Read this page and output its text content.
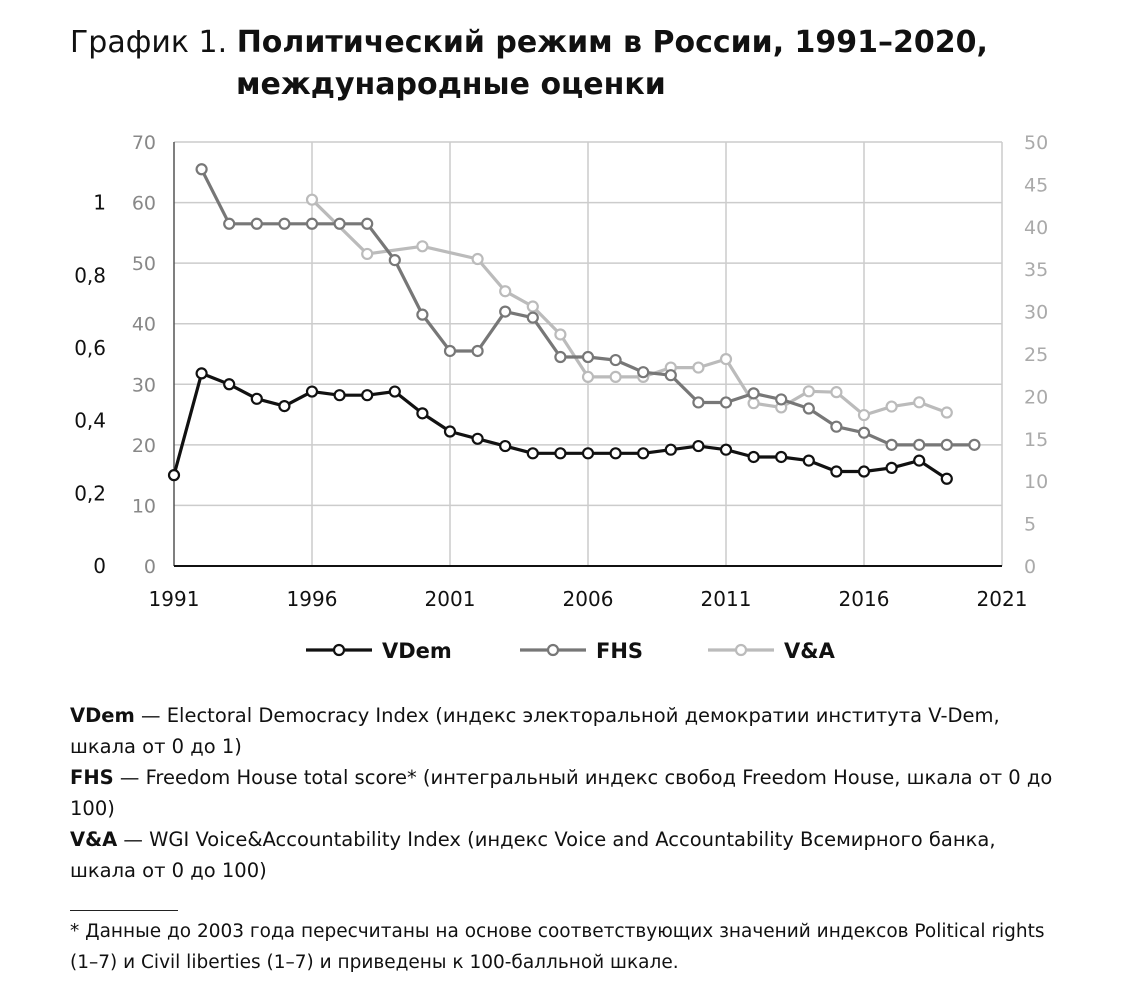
График 1. Политический режим в России, 1991–2020,
международные оценки
0
10
20
30
40
50
60
70
0
0,2
0,4
0,6
0,8
1
0
5
10
15
20
25
30
35
40
45
50
1991	1996	2001	2006	2011	2016	2021
VDem	FHS	V&A

VDem — Electoral Democracy Index (индекс электоральной демократии института V-Dem, шкала от 0 до 1)

FHS — Freedom House total score* (интегральный индекс свобод Freedom House, шкала от 0 до 100)

V&A — WGI Voice&Accountability Index (индекс Voice and Accountability Всемирного банка, шкала от 0 до 100)

* Данные до 2003 года пересчитаны на основе соответствующих значений индексов Political rights (1–7) и Civil liberties (1–7) и приведены к 100-балльной шкале.
